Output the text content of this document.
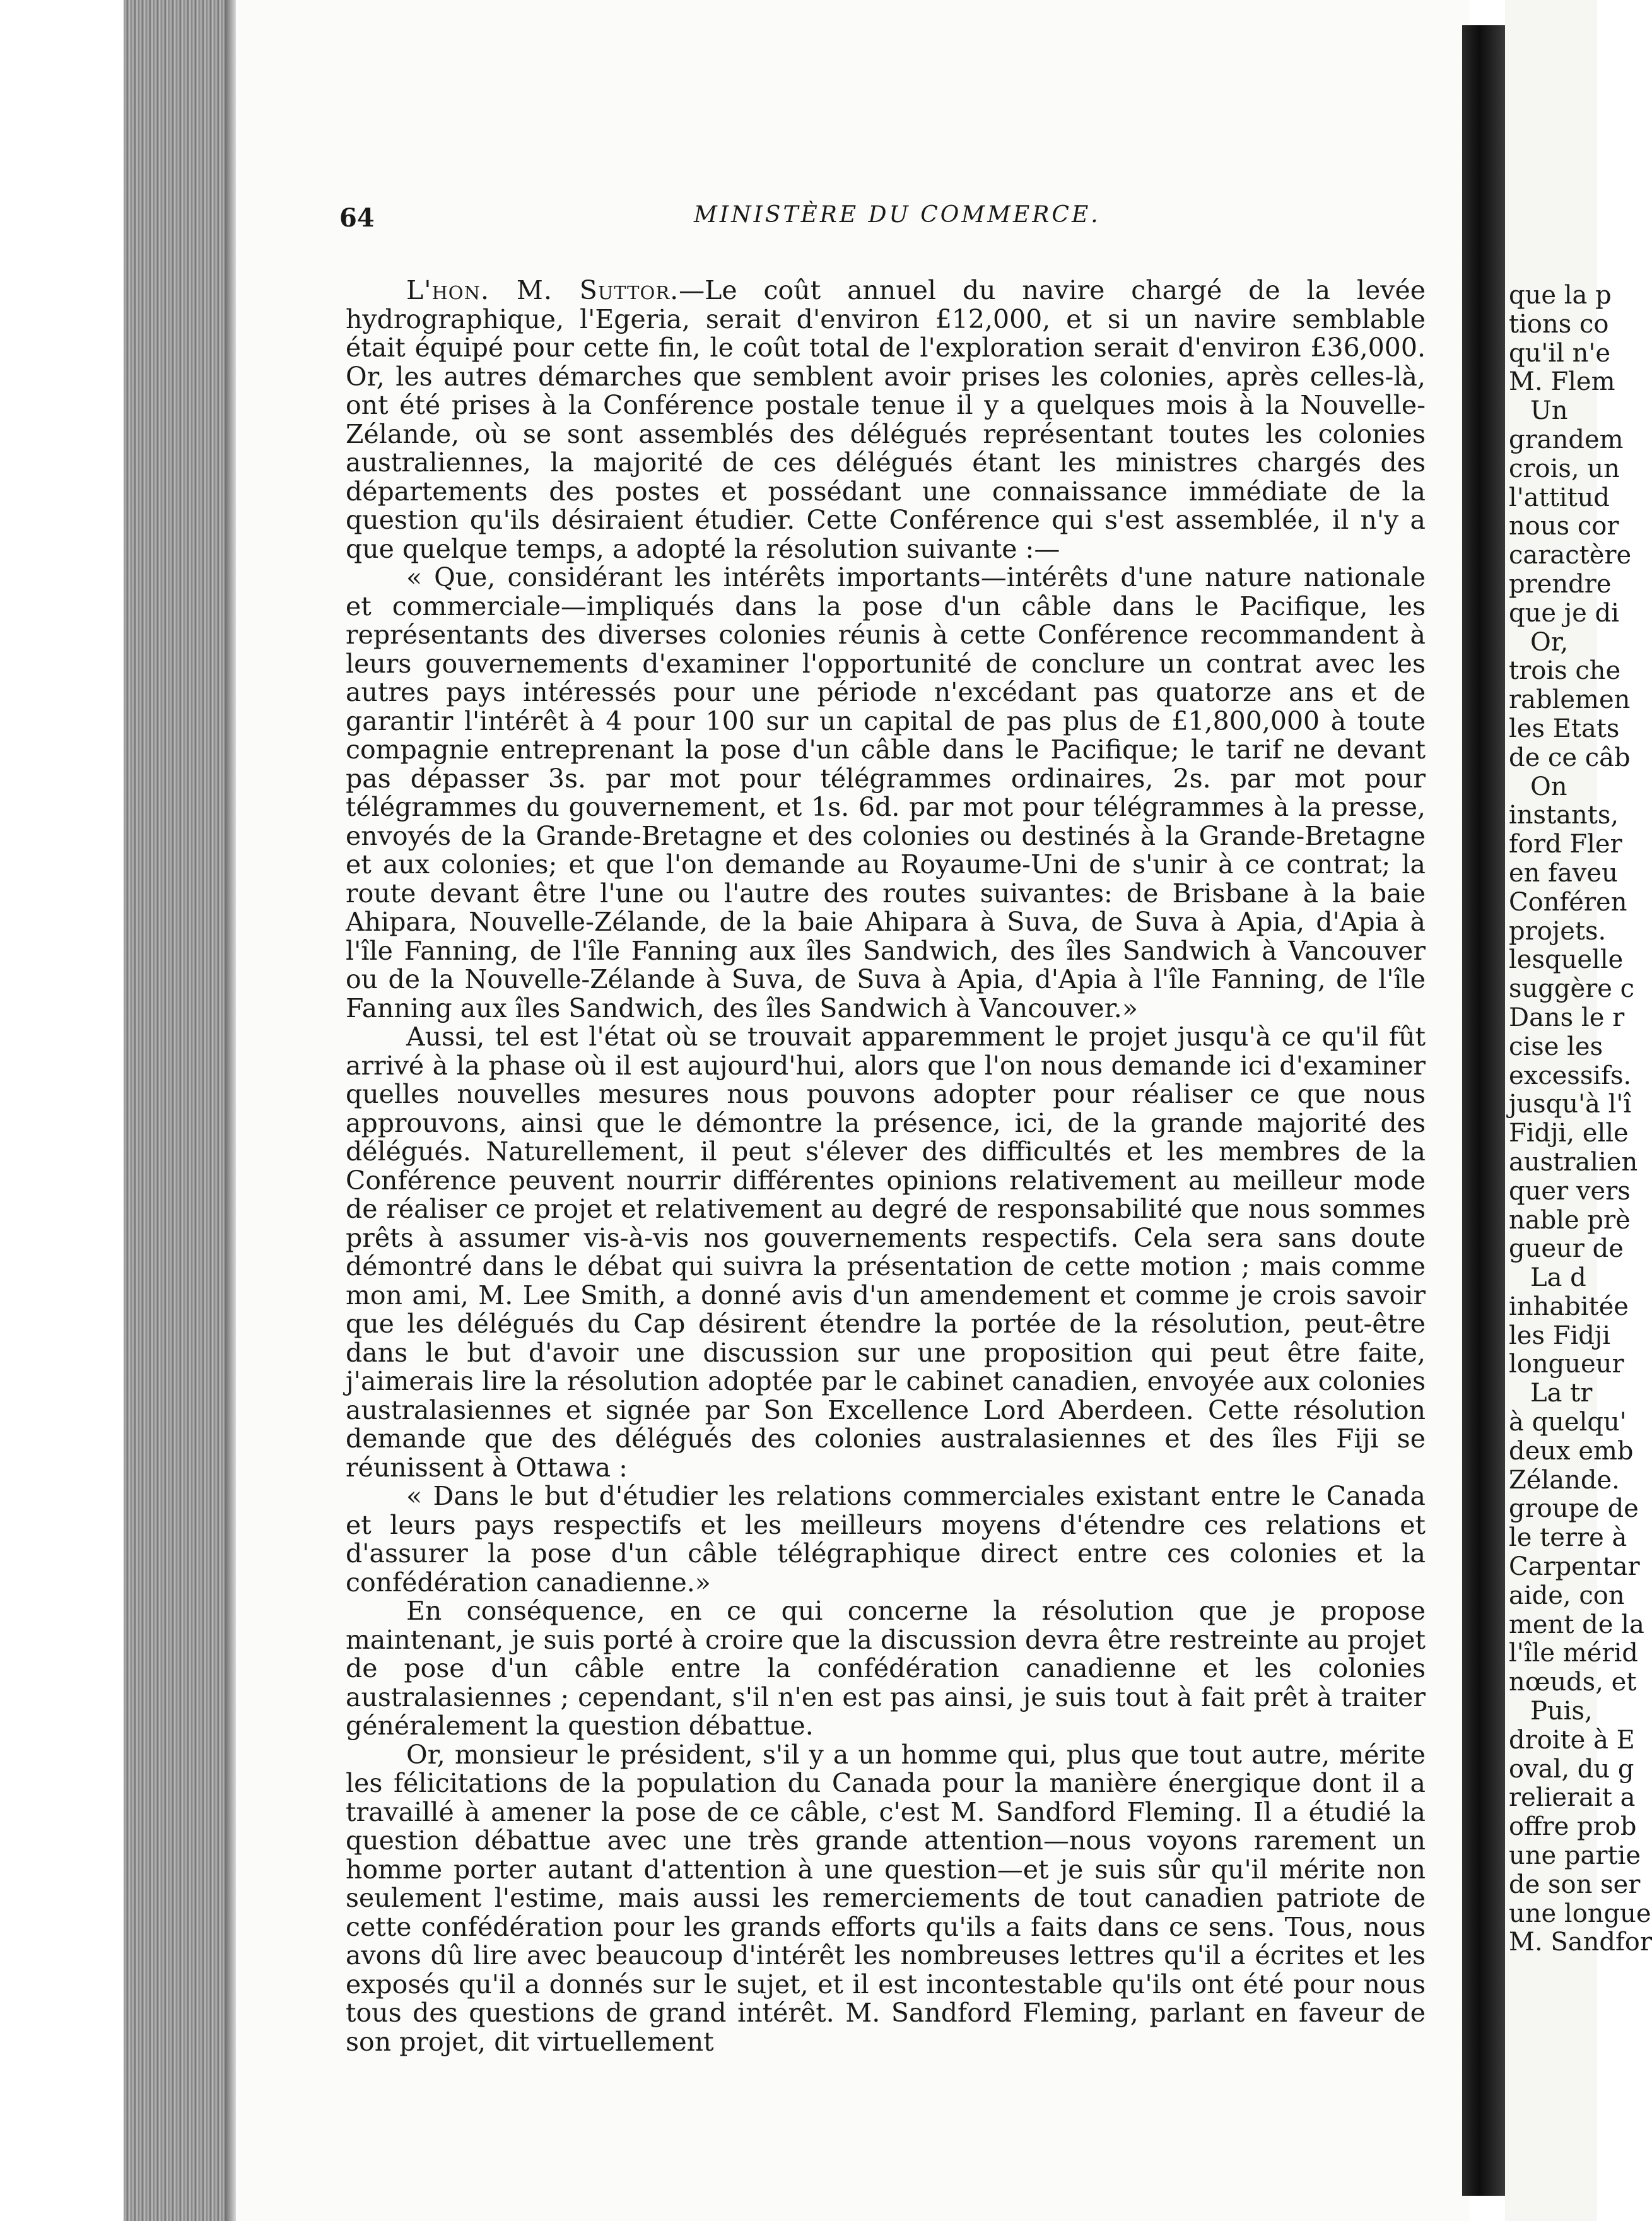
64	MINISTÈRE DU COMMERCE.

L'hon. M. Suttor.—Le coût annuel du navire chargé de la levée hydrographique, l'Egeria, serait d'environ £12,000, et si un navire semblable était équipé pour cette fin, le coût total de l'exploration serait d'environ £36,000. Or, les autres démarches que semblent avoir prises les colonies, après celles-là, ont été prises à la Conférence postale tenue il y a quelques mois à la Nouvelle-Zélande, où se sont assemblés des délégués représentant toutes les colonies australiennes, la majorité de ces délégués étant les ministres chargés des départements des postes et possédant une connaissance immédiate de la question qu'ils désiraient étudier. Cette Conférence qui s'est assemblée, il n'y a que quelque temps, a adopté la résolution suivante :—

« Que, considérant les intérêts importants—intérêts d'une nature nationale et commerciale—impliqués dans la pose d'un câble dans le Pacifique, les représentants des diverses colonies réunis à cette Conférence recommandent à leurs gouvernements d'examiner l'opportunité de conclure un contrat avec les autres pays intéressés pour une période n'excédant pas quatorze ans et de garantir l'intérêt à 4 pour 100 sur un capital de pas plus de £1,800,000 à toute compagnie entreprenant la pose d'un câble dans le Pacifique; le tarif ne devant pas dépasser 3s. par mot pour télégrammes ordinaires, 2s. par mot pour télégrammes du gouvernement, et 1s. 6d. par mot pour télégrammes à la presse, envoyés de la Grande-Bretagne et des colonies ou destinés à la Grande-Bretagne et aux colonies; et que l'on demande au Royaume-Uni de s'unir à ce contrat; la route devant être l'une ou l'autre des routes suivantes: de Brisbane à la baie Ahipara, Nouvelle-Zélande, de la baie Ahipara à Suva, de Suva à Apia, d'Apia à l'île Fanning, de l'île Fanning aux îles Sandwich, des îles Sandwich à Vancouver ou de la Nouvelle-Zélande à Suva, de Suva à Apia, d'Apia à l'île Fanning, de l'île Fanning aux îles Sandwich, des îles Sandwich à Vancouver.»

Aussi, tel est l'état où se trouvait apparemment le projet jusqu'à ce qu'il fût arrivé à la phase où il est aujourd'hui, alors que l'on nous demande ici d'examiner quelles nouvelles mesures nous pouvons adopter pour réaliser ce que nous approuvons, ainsi que le démontre la présence, ici, de la grande majorité des délégués. Naturellement, il peut s'élever des difficultés et les membres de la Conférence peuvent nourrir différentes opinions relativement au meilleur mode de réaliser ce projet et relativement au degré de responsabilité que nous sommes prêts à assumer vis-à-vis nos gouvernements respectifs. Cela sera sans doute démontré dans le débat qui suivra la présentation de cette motion ; mais comme mon ami, M. Lee Smith, a donné avis d'un amendement et comme je crois savoir que les délégués du Cap désirent étendre la portée de la résolution, peut-être dans le but d'avoir une discussion sur une proposition qui peut être faite, j'aimerais lire la résolution adoptée par le cabinet canadien, envoyée aux colonies australasiennes et signée par Son Excellence Lord Aberdeen. Cette résolution demande que des délégués des colonies australasiennes et des îles Fiji se réunissent à Ottawa :

« Dans le but d'étudier les relations commerciales existant entre le Canada et leurs pays respectifs et les meilleurs moyens d'étendre ces relations et d'assurer la pose d'un câble télégraphique direct entre ces colonies et la confédération canadienne.»

En conséquence, en ce qui concerne la résolution que je propose maintenant, je suis porté à croire que la discussion devra être restreinte au projet de pose d'un câble entre la confédération canadienne et les colonies australasiennes ; cependant, s'il n'en est pas ainsi, je suis tout à fait prêt à traiter généralement la question débattue.

Or, monsieur le président, s'il y a un homme qui, plus que tout autre, mérite les félicitations de la population du Canada pour la manière énergique dont il a travaillé à amener la pose de ce câble, c'est M. Sandford Fleming. Il a étudié la question débattue avec une très grande attention—nous voyons rarement un homme porter autant d'attention à une question—et je suis sûr qu'il mérite non seulement l'estime, mais aussi les remerciements de tout canadien patriote de cette confédération pour les grands efforts qu'ils a faits dans ce sens. Tous, nous avons dû lire avec beaucoup d'intérêt les nombreuses lettres qu'il a écrites et les exposés qu'il a donnés sur le sujet, et il est incontestable qu'ils ont été pour nous tous des questions de grand intérêt. M. Sandford Fleming, parlant en faveur de son projet, dit virtuellement

que la p
tions co
qu'il n'e
M. Flem
Un
grandem
crois, un
l'attitud
nous cor
caractère
prendre
que je di
Or,
trois che
rablemen
les Etats
de ce câb
On
instants,
ford Fler
en faveu
Conféren
projets.
lesquelle
suggère c
Dans le r
cise les
excessifs.
jusqu'à l'î
Fidji, elle
australien
quer vers
nable prè
gueur de
La d
inhabitée
les Fidji
longueur
La tr
à quelqu'
deux emb
Zélande.
groupe de
le terre à
Carpentar
aide, con
ment de la
l'île mérid
nœuds, et
Puis,
droite à E
oval, du g
relierait a
offre prob
une partie
de son ser
une longue
M. Sandfor
